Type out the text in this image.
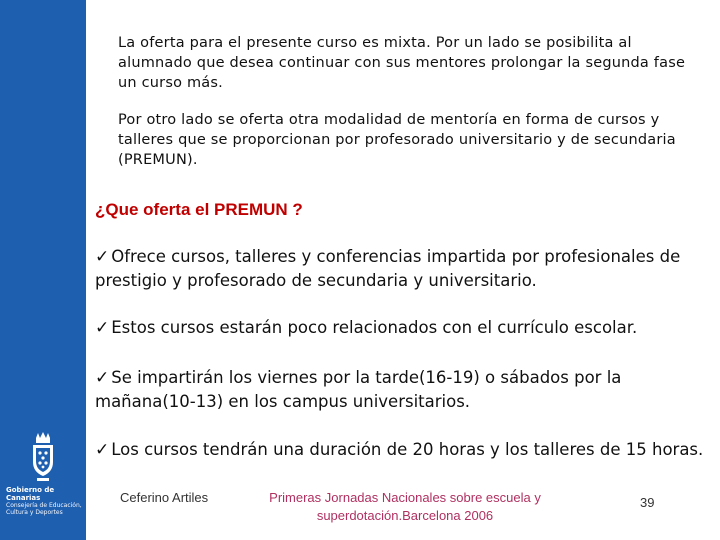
Gobierno de Canarias
Consejería de Educación, Cultura y Deportes
La oferta para el presente curso es mixta. Por un lado se posibilita al alumnado que desea continuar con sus mentores prolongar la segunda fase un curso más.
Por otro lado se oferta otra modalidad de mentoría en forma de cursos y talleres que se proporcionan por profesorado universitario y de secundaria (PREMUN).
¿Que oferta el PREMUN ?
✓ Ofrece cursos, talleres y conferencias impartida por profesionales de prestigio y profesorado de secundaria y universitario.
✓ Estos cursos estarán poco relacionados con el currículo escolar.
✓ Se impartirán los viernes por la tarde(16-19) o sábados por la mañana(10-13) en los campus universitarios.
✓ Los cursos tendrán una duración de 20 horas y los talleres de 15 horas.
Ceferino Artiles	Primeras Jornadas Nacionales sobre escuela y superdotación.Barcelona 2006
39
